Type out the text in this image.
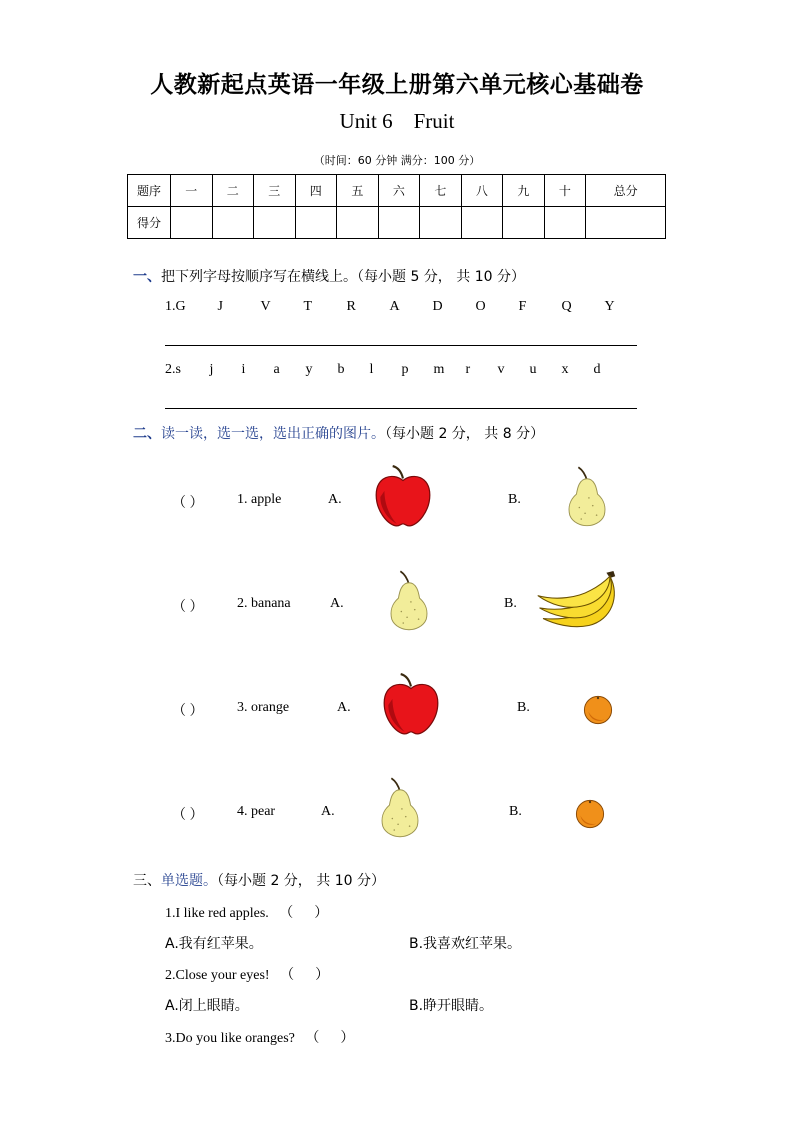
人教新起点英语一年级上册第六单元核心基础卷
Unit 6    Fruit
（时间：60 分钟 满分：100 分）
题序	一	二	三	四	五	六	七	八	九	十	总分
得分											
一、把下列字母按顺序写在横线上。（每小题 5 分， 共 10 分）
1. G	J	V	T	R	A	D	O	F	Q	Y
2. s	j	i	a	y	b	l	p	m	r	v	u	x	d
二、读一读，选一选，选出正确的图片。（每小题 2 分， 共 8 分）
（ ） 1. apple	A.	B.
（ ） 2. banana	A.	B.
（ ） 3. orange	A.	B.
（ ） 4. pear	A.	B.
三、单选题。（每小题 2 分， 共 10 分）
1.I like red apples.   （      ）
A.我有红苹果。	B.我喜欢红苹果。
2.Close your eyes!   （      ）
A.闭上眼睛。	B.睁开眼睛。
3.Do you like oranges?   （      ）
